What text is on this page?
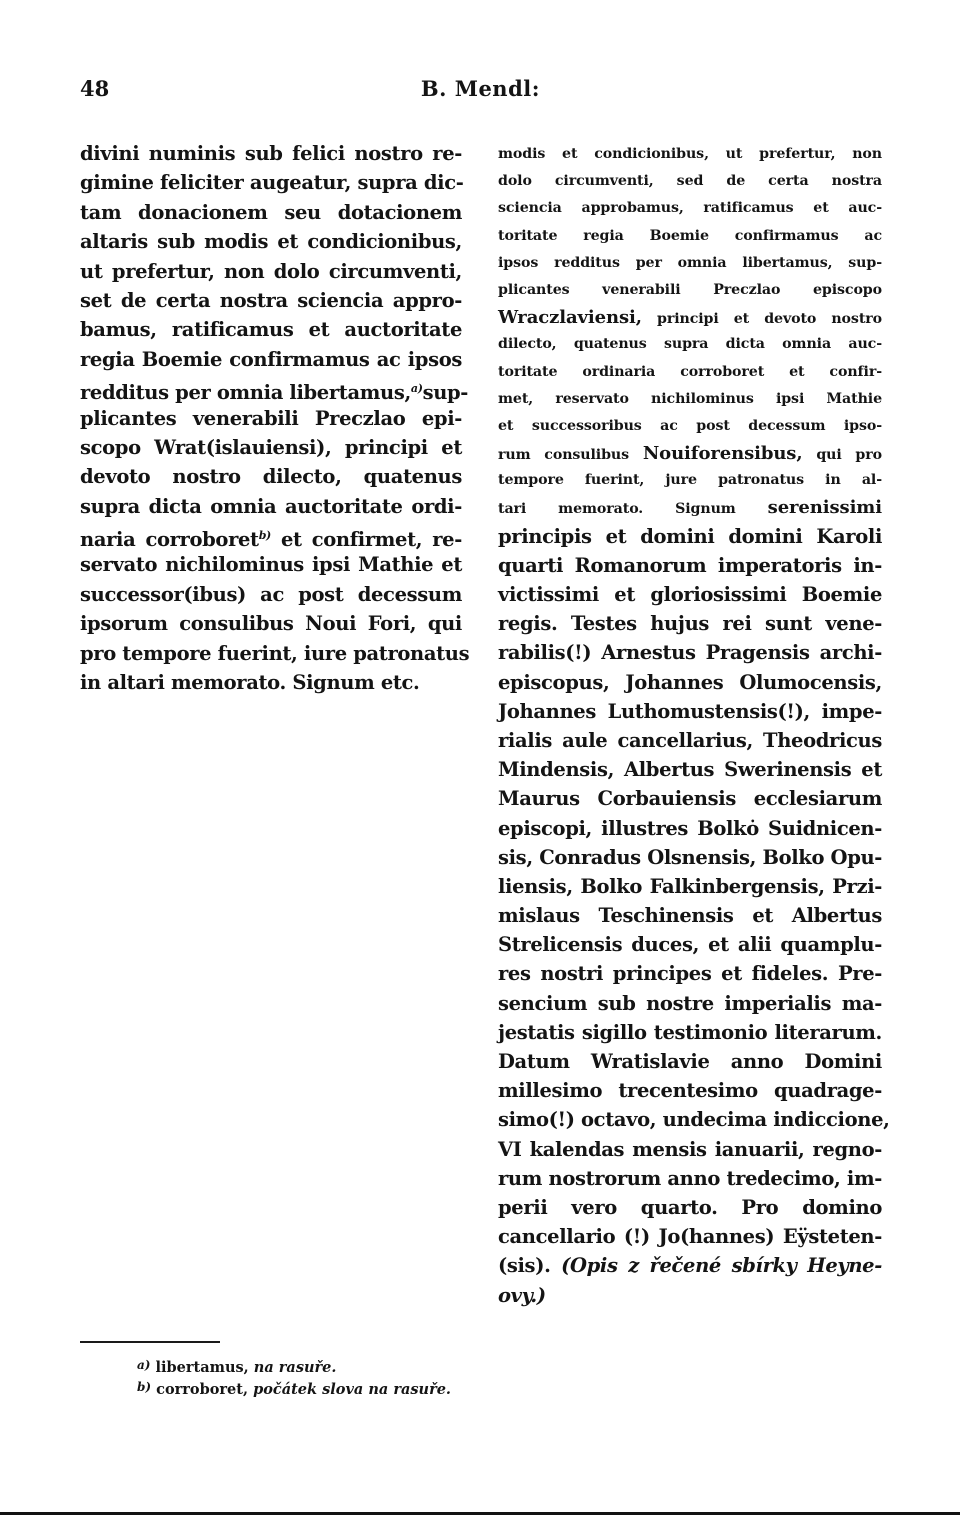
48	B. Mendl:
divini numinis sub felici nostro re-
gimine feliciter augeatur, supra dic-
tam donacionem seu dotacionem
altaris sub modis et condicionibus,
ut prefertur, non dolo circumventi,
set de certa nostra sciencia appro-
bamus, ratificamus et auctoritate
regia Boemie confirmamus ac ipsos
redditus per omnia libertamus,$^{a)}$sup-
plicantes venerabili Preczlao epi-
scopo Wrat(islauiensi), principi et
devoto nostro dilecto, quatenus
supra dicta omnia auctoritate ordi-
naria corroboret$^{b)}$ et confirmet, re-
servato nichilominus ipsi Mathie et
successor(ibus) ac post decessum
ipsorum consulibus Noui Fori, qui
pro tempore fuerint, iure patronatus
in altari memorato. Signum etc.
modis et condicionibus, ut prefertur, non
dolo circumventi, sed de certa nostra
sciencia approbamus, ratificamus et auc-
toritate regia Boemie confirmamus ac
ipsos redditus per omnia libertamus, sup-
plicantes venerabili Preczlao episcopo
Wraczlaviensi, principi et devoto nostro
dilecto, quatenus supra dicta omnia auc-
toritate ordinaria corroboret et confir-
met, reservato nichilominus ipsi Mathie
et successoribus ac post decessum ipso-
rum consulibus Nouiforensibus, qui pro
tempore fuerint, jure patronatus in al-
tari memorato. Signum serenissimi
principis et domini domini Karoli
quarti Romanorum imperatoris in-
victissimi et gloriosissimi Boemie
regis. Testes hujus rei sunt vene-
rabilis(!) Arnestus Pragensis archi-
episcopus, Johannes Olumocensis,
Johannes Luthomustensis(!), impe-
rialis aule cancellarius, Theodricus
Mindensis, Albertus Swerinensis et
Maurus Corbauiensis ecclesiarum
episcopi, illustres Bolkȯ Suidnicen-
sis, Conradus Olsnensis, Bolko Opu-
liensis, Bolko Falkinbergensis, Przi-
mislaus Teschinensis et Albertus
Strelicensis duces, et alii quamplu-
res nostri principes et fideles. Pre-
sencium sub nostre imperialis ma-
jestatis sigillo testimonio literarum.
Datum Wratislavie anno Domini
millesimo trecentesimo quadrage-
simo(!) octavo, undecima indiccione,
VI kalendas mensis ianuarii, regno-
rum nostrorum anno tredecimo, im-
perii vero quarto. Pro domino
cancellario (!) Jo(hannes) Eÿsteten-
(sis). (Opis z řečené sbírky Heyne-
ovy.)
$^{a)}$ libertamus, na rasuře.
$^{b)}$ corroboret, počátek slova na rasuře.
